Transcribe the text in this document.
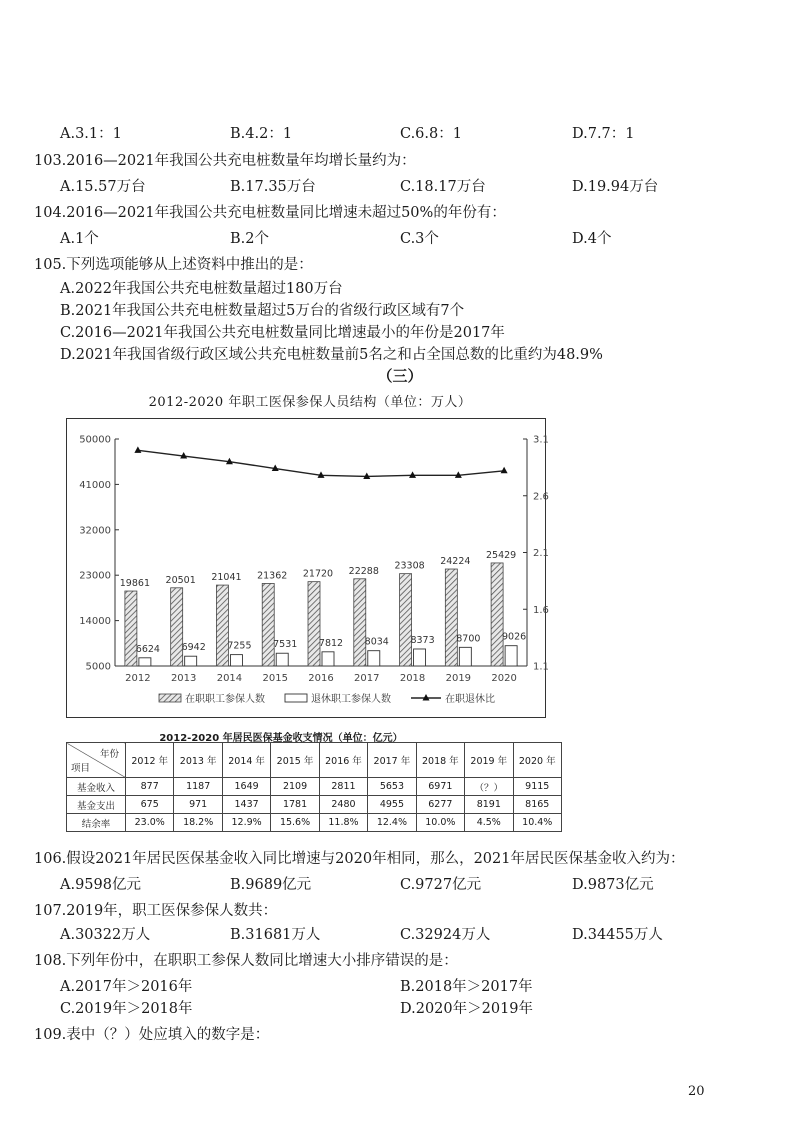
A.3.1：1	B.4.2：1	C.6.8：1	D.7.7：1
103.2016—2021年我国公共充电桩数量年均增长量约为：
A.15.57万台	B.17.35万台	C.18.17万台	D.19.94万台
104.2016—2021年我国公共充电桩数量同比增速未超过50%的年份有：
A.1个	B.2个	C.3个	D.4个
105.下列选项能够从上述资料中推出的是：
A.2022年我国公共充电桩数量超过180万台
B.2021年我国公共充电桩数量超过5万台的省级行政区域有7个
C.2016—2021年我国公共充电桩数量同比增速最小的年份是2017年
D.2021年我国省级行政区域公共充电桩数量前5名之和占全国总数的比重约为48.9%
（三）
2012-2020 年职工医保参保人员结构（单位：万人）
50000
41000
32000
23000
14000
5000
3.1
2.6
2.1
1.6
1.1
19861
6624
2012
20501
6942
2013
21041
7255
2014
21362
7531
2015
21720
7812
2016
22288
8034
2017
23308
8373
2018
24224
8700
2019
25429
9026
2020
在职职工参保人数	退休职工参保人数	在职退休比
2012-2020 年居民医保基金收支情况（单位：亿元）
年份
项目	2012 年	2013 年	2014 年	2015 年	2016 年	2017 年	2018 年	2019 年	2020 年
基金收入	877	1187	1649	2109	2811	5653	6971	（？）	9115
基金支出	675	971	1437	1781	2480	4955	6277	8191	8165
结余率	23.0%	18.2%	12.9%	15.6%	11.8%	12.4%	10.0%	4.5%	10.4%
106.假设2021年居民医保基金收入同比增速与2020年相同，那么，2021年居民医保基金收入约为：
A.9598亿元	B.9689亿元	C.9727亿元	D.9873亿元
107.2019年，职工医保参保人数共：
A.30322万人	B.31681万人	C.32924万人	D.34455万人
108.下列年份中，在职职工参保人数同比增速大小排序错误的是：
A.2017年＞2016年	B.2018年＞2017年
C.2019年＞2018年	D.2020年＞2019年
109.表中（？）处应填入的数字是：
20
